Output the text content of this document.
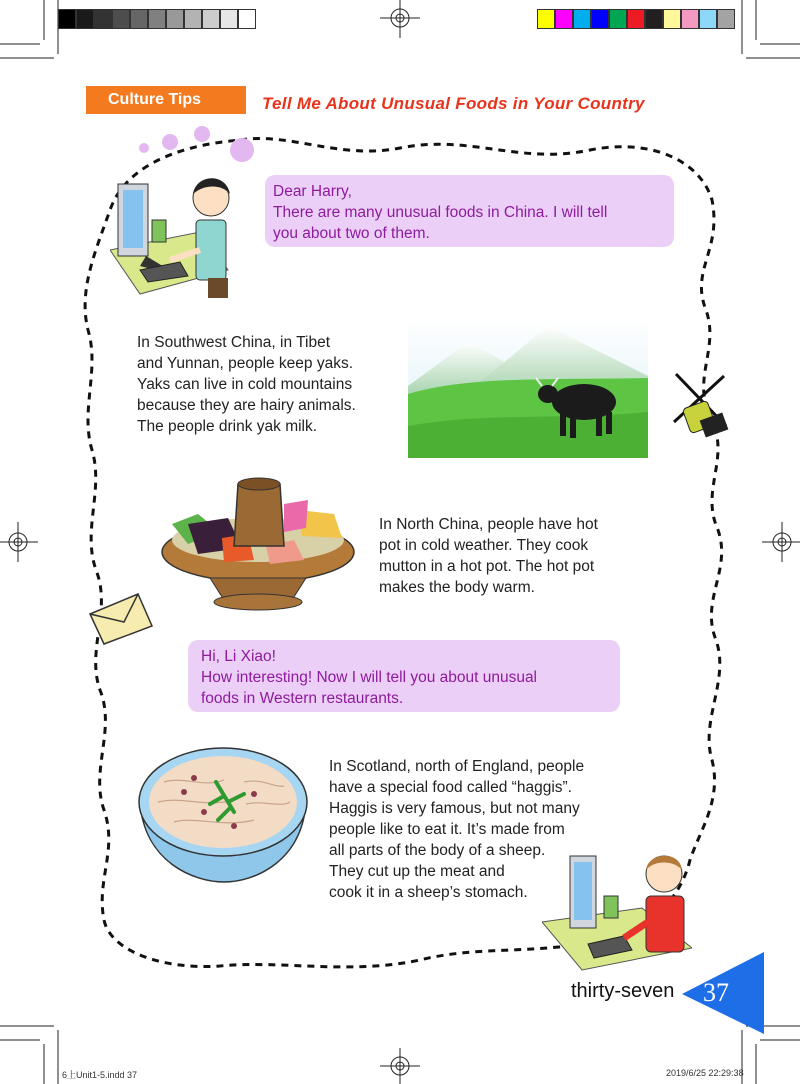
Culture Tips	Tell Me About Unusual Foods in Your Country
Dear Harry,
There are many unusual foods in China. I will tell
you about two of them.
In Southwest China, in Tibet
and Yunnan, people keep yaks.
Yaks can live in cold mountains
because they are hairy animals.
The people drink yak milk.
In North China, people have hot
pot in cold weather. They cook
mutton in a hot pot. The hot pot
makes the body warm.
Hi, Li Xiao!
How interesting! Now I will tell you about unusual
foods in Western restaurants.
In Scotland, north of England, people
have a special food called “haggis”.
Haggis is very famous, but not many
people like to eat it. It’s made from
all parts of the body of a sheep.
They cut up the meat and
cook it in a sheep’s stomach.
thirty-seven 37
6上Unit1-5.indd 37	2019/6/25 22:29:38
